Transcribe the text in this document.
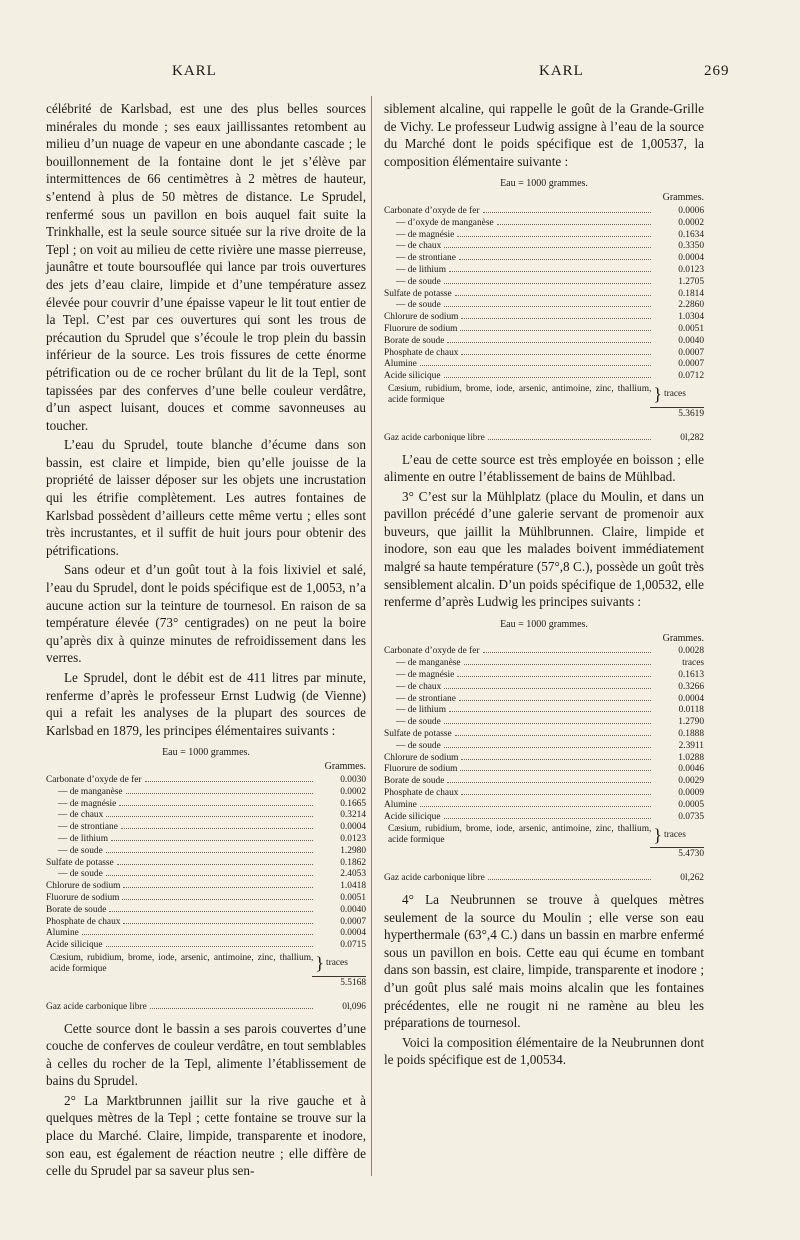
KARL	KARL	269

célébrité de Karlsbad, est une des plus belles sources minérales du monde ; ses eaux jaillissantes retombent au milieu d’un nuage de vapeur en une abondante cascade ; le bouillonnement de la fontaine dont le jet s’élève par intermittences de 66 centimètres à 2 mètres de hauteur, s’entend à plus de 50 mètres de distance. Le Sprudel, renfermé sous un pavillon en bois auquel fait suite la Trinkhalle, est la seule source située sur la rive droite de la Tepl ; on voit au milieu de cette rivière une masse pierreuse, jaunâtre et toute boursouflée qui lance par trois ouvertures des jets d’eau claire, limpide et d’une température assez élevée pour couvrir d’une épaisse vapeur le lit tout entier de la Tepl. C’est par ces ouvertures qui sont les trous de précaution du Sprudel que s’écoule le trop plein du bassin inférieur de la source. Les trois fissures de cette énorme pétrification ou de ce rocher brûlant du lit de la Tepl, sont tapissées par des conferves d’une belle couleur verdâtre, d’un aspect luisant, douces et comme savonneuses au toucher.

L’eau du Sprudel, toute blanche d’écume dans son bassin, est claire et limpide, bien qu’elle jouisse de la propriété de laisser déposer sur les objets une incrustation qui les étrifie complètement. Les autres fontaines de Karlsbad possèdent d’ailleurs cette même vertu ; elles sont très incrustantes, et il suffit de huit jours pour obtenir des pétrifications.

Sans odeur et d’un goût tout à la fois lixiviel et salé, l’eau du Sprudel, dont le poids spécifique est de 1,0053, n’a aucune action sur la teinture de tournesol. En raison de sa température élevée (73° centigrades) on ne peut la boire qu’après dix à quinze minutes de refroidissement dans les verres.

Le Sprudel, dont le débit est de 411 litres par minute, renferme d’après le professeur Ernst Ludwig (de Vienne) qui a refait les analyses de la plupart des sources de Karlsbad en 1879, les principes élémentaires suivants :

Eau = 1000 grammes.
Grammes.
Carbonate d’oxyde de fer	0.0030
— de manganèse	0.0002
— de magnésie	0.1665
— de chaux	0.3214
— de strontiane	0.0004
— de lithium	0.0123
— de soude	1.2980
Sulfate de potasse	0.1862
— de soude	2.4053
Chlorure de sodium	1.0418
Fluorure de sodium	0.0051
Borate de soude	0.0040
Phosphate de chaux	0.0007
Alumine	0.0004
Acide silicique	0.0715
Cæsium, rubidium, brome, iode, arsenic, antimoine, zinc, thallium, acide formique	} traces
5.5168
Gaz acide carbonique libre	0l,096

Cette source dont le bassin a ses parois couvertes d’une couche de conferves de couleur verdâtre, en tout semblables à celles du rocher de la Tepl, alimente l’établissement de bains du Sprudel.

2° La Marktbrunnen jaillit sur la rive gauche et à quelques mètres de la Tepl ; cette fontaine se trouve sur la place du Marché. Claire, limpide, transparente et inodore, son eau, est également de réaction neutre ; elle diffère de celle du Sprudel par sa saveur plus sen-

siblement alcaline, qui rappelle le goût de la Grande-Grille de Vichy. Le professeur Ludwig assigne à l’eau de la source du Marché dont le poids spécifique est de 1,00537, la composition élémentaire suivante :

Eau = 1000 grammes.
Grammes.
Carbonate d’oxyde de fer	0.0006
— d’oxyde de manganèse	0.0002
— de magnésie	0.1634
— de chaux	0.3350
— de strontiane	0.0004
— de lithium	0.0123
— de soude	1.2705
Sulfate de potasse	0.1814
— de soude	2.2860
Chlorure de sodium	1.0304
Fluorure de sodium	0.0051
Borate de soude	0.0040
Phosphate de chaux	0.0007
Alumine	0.0007
Acide silicique	0.0712
Cæsium, rubidium, brome, iode, arsenic, antimoine, zinc, thallium, acide formique	} traces
5.3619
Gaz acide carbonique libre	0l,282

L’eau de cette source est très employée en boisson ; elle alimente en outre l’établissement de bains de Mühlbad.

3° C’est sur la Mühlplatz (place du Moulin, et dans un pavillon précédé d’une galerie servant de promenoir aux buveurs, que jaillit la Mühlbrunnen. Claire, limpide et inodore, son eau que les malades boivent immédiatement malgré sa haute température (57°,8 C.), possède un goût très sensiblement alcalin. D’un poids spécifique de 1,00532, elle renferme d’après Ludwig les principes suivants :

Eau = 1000 grammes.
Grammes.
Carbonate d’oxyde de fer	0.0028
— de manganèse	traces
— de magnésie	0.1613
— de chaux	0.3266
— de strontiane	0.0004
— de lithium	0.0118
— de soude	1.2790
Sulfate de potasse	0.1888
— de soude	2.3911
Chlorure de sodium	1.0288
Fluorure de sodium	0.0046
Borate de soude	0.0029
Phosphate de chaux	0.0009
Alumine	0.0005
Acide silicique	0.0735
Cæsium, rubidium, brome, iode, arsenic, antimoine, zinc, thallium, acide formique	} traces
5.4730
Gaz acide carbonique libre	0l,262

4° La Neubrunnen se trouve à quelques mètres seulement de la source du Moulin ; elle verse son eau hyperthermale (63°,4 C.) dans un bassin en marbre enfermé sous un pavillon en bois. Cette eau qui écume en tombant dans son bassin, est claire, limpide, transparente et inodore ; d’un goût plus salé mais moins alcalin que les fontaines précédentes, elle ne rougit ni ne ramène au bleu les préparations de tournesol.

Voici la composition élémentaire de la Neubrunnen dont le poids spécifique est de 1,00534.
